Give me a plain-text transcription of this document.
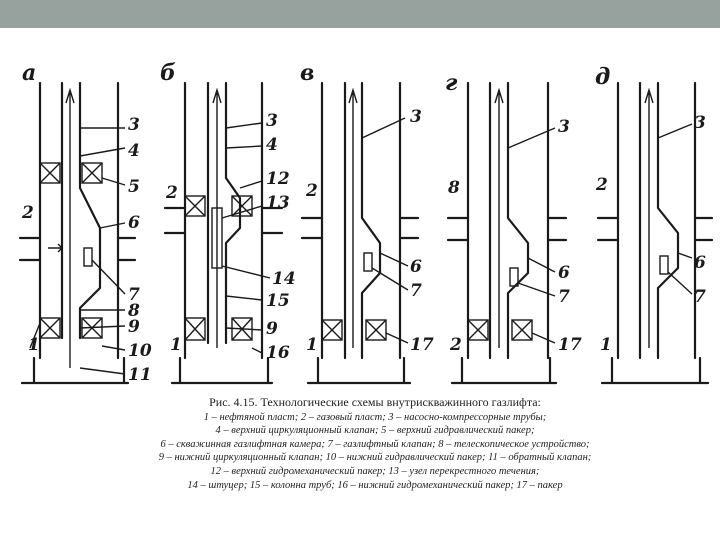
а
3
4
5
6
2
7
8
9
1	10
11
б
3
4
12
13
2
14
15
9
1	16
в
3
2
6
7
1	17
г
3
8
6
7
2	17
д
3
2
6
7
1
Рис. 4.15. Технологические схемы внутрискважинного газлифта:
1 – нефтяной пласт; 2 – газовый пласт; 3 – насосно-компрессорные трубы;
4 – верхний циркуляционный клапан; 5 – верхний гидравлический пакер;
6 – скважинная газлифтная камера; 7 – газлифтный клапан; 8 – телескопическое устройство;
9 – нижний циркуляционный клапан; 10 – нижний гидравлический пакер; 11 – обратный клапан;
12 – верхний гидромеханический пакер; 13 – узел перекрестного течения;
14 – штуцер; 15 – колонна труб; 16 – нижний гидромеханический пакер; 17 – пакер
